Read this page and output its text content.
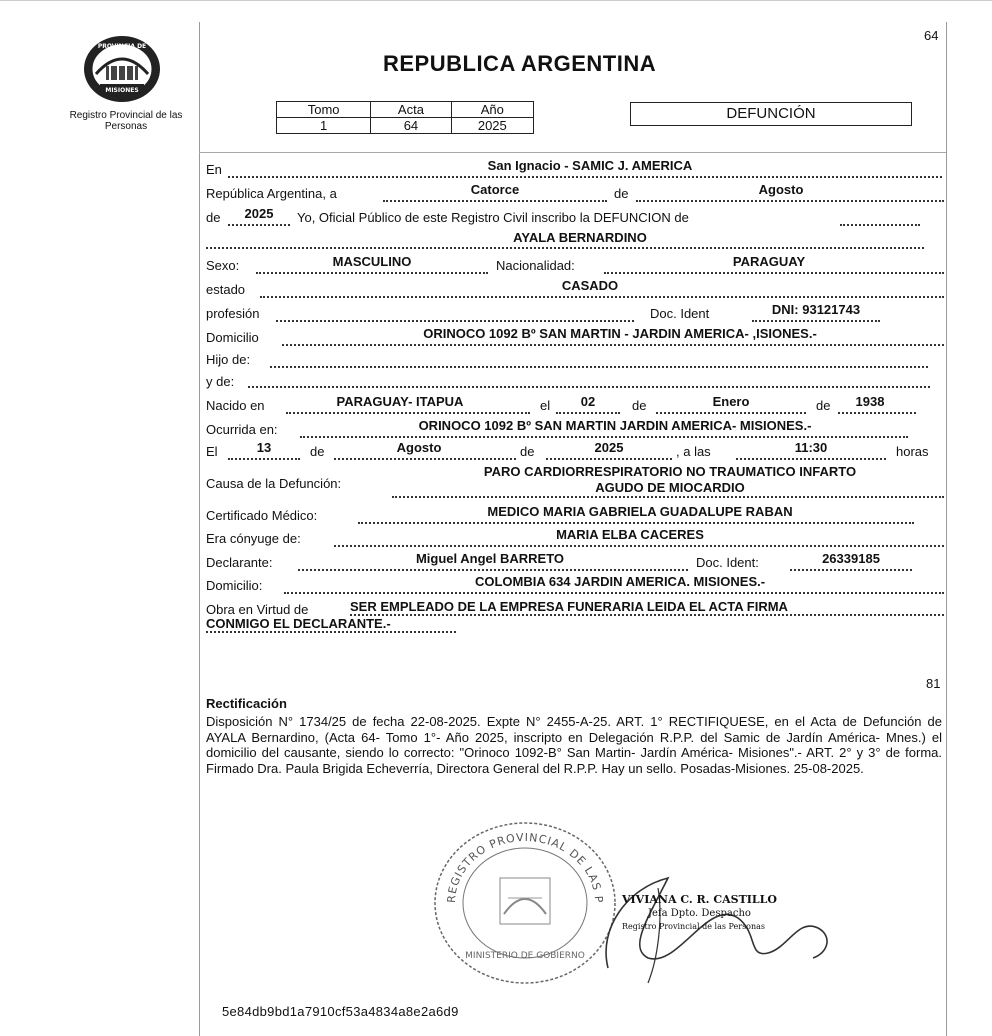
64
PROVINCIA DE
MISIONES
Registro Provincial de las Personas
REPUBLICA ARGENTINA
Tomo	Acta	Año
1	64	2025
DEFUNCIÓN
En	San Ignacio - SAMIC J. AMERICA
República Argentina, a	Catorce	de	Agosto
de	2025	Yo, Oficial Público de este Registro Civil inscribo la DEFUNCION de
AYALA BERNARDINO
Sexo:	MASCULINO	Nacionalidad:	PARAGUAY
estado	CASADO
profesión	Doc. Ident	DNI: 93121743
Domicilio	ORINOCO 1092 Bº SAN MARTIN - JARDIN AMERICA- ,ISIONES.-
Hijo de:
y de:
Nacido en	PARAGUAY- ITAPUA	el	02	de	Enero	de	1938
Ocurrida en:	ORINOCO 1092 Bº SAN MARTIN JARDIN AMERICA- MISIONES.-
El	13	de	Agosto	de	2025	, a las	11:30	horas
Causa de la Defunción:
PARO CARDIORRESPIRATORIO NO TRAUMATICO INFARTO
AGUDO DE MIOCARDIO
Certificado Médico:	MEDICO MARIA GABRIELA GUADALUPE RABAN
Era cónyuge de:	MARIA ELBA CACERES
Declarante:	Miguel Angel BARRETO	Doc. Ident:	26339185
Domicilio:	COLOMBIA 634 JARDIN AMERICA. MISIONES.-
Obra en Virtud de	SER EMPLEADO DE LA EMPRESA FUNERARIA LEIDA EL ACTA FIRMA
CONMIGO EL DECLARANTE.-
81
Rectificación
Disposición N° 1734/25 de fecha 22-08-2025. Expte N° 2455-A-25. ART. 1° RECTIFIQUESE, en el Acta de Defunción de AYALA Bernardino, (Acta 64- Tomo 1°- Año 2025, inscripto en Delegación R.P.P. del Samic de Jardín América- Mnes.) el domicilio del causante, siendo lo correcto: "Orinoco 1092-B° San Martin- Jardín América- Misiones".- ART. 2° y 3° de forma. Firmado Dra. Paula Brigida Echeverría, Directora General del R.P.P. Hay un sello. Posadas-Misiones. 25-08-2025.
REGISTRO PROVINCIAL DE LAS P
MINISTERIO DE GOBIERNO
VIVIANA C. R. CASTILLO
Jefa Dpto. Despacho
Registro Provincial de las Personas
5e84db9bd1a7910cf53a4834a8e2a6d9
